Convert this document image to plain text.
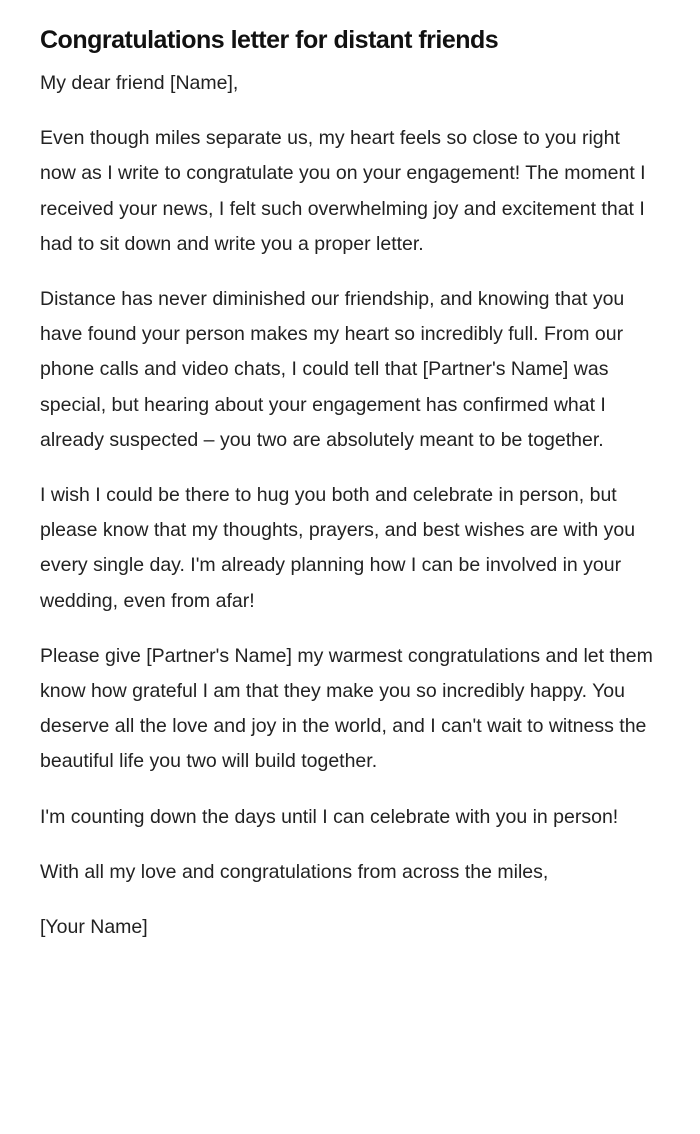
Congratulations letter for distant friends

My dear friend [Name],

Even though miles separate us, my heart feels so close to you right now as I write to congratulate you on your engagement! The moment I received your news, I felt such overwhelming joy and excitement that I had to sit down and write you a proper letter.

Distance has never diminished our friendship, and knowing that you have found your person makes my heart so incredibly full. From our phone calls and video chats, I could tell that [Partner's Name] was special, but hearing about your engagement has confirmed what I already suspected – you two are absolutely meant to be together.

I wish I could be there to hug you both and celebrate in person, but please know that my thoughts, prayers, and best wishes are with you every single day. I'm already planning how I can be involved in your wedding, even from afar!

Please give [Partner's Name] my warmest congratulations and let them know how grateful I am that they make you so incredibly happy. You deserve all the love and joy in the world, and I can't wait to witness the beautiful life you two will build together.

I'm counting down the days until I can celebrate with you in person!

With all my love and congratulations from across the miles,

[Your Name]
